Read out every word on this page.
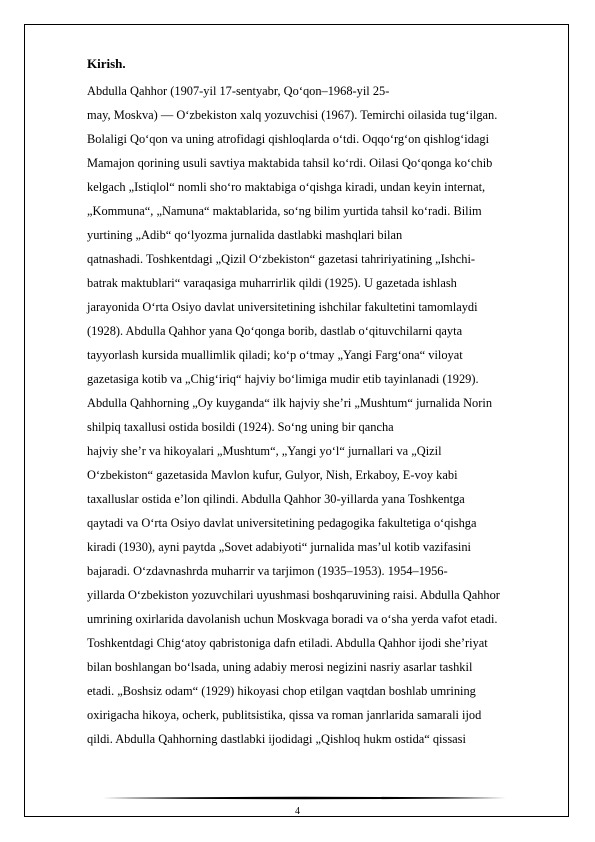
Kirish.
Abdulla Qahhor (1907-yil 17-sentyabr, Qo‘qon–1968-yil 25-
may, Moskva) — O‘zbekiston xalq yozuvchisi (1967). Temirchi oilasida tug‘ilgan.
Bolaligi Qo‘qon va uning atrofidagi qishloqlarda o‘tdi. Oqqo‘rg‘on qishlog‘idagi
Mamajon qorining usuli savtiya maktabida tahsil ko‘rdi. Oilasi Qo‘qonga ko‘chib
kelgach „Istiqlol“ nomli sho‘ro maktabiga o‘qishga kiradi, undan keyin internat,
„Kommuna“, „Namuna“ maktablarida, so‘ng bilim yurtida tahsil ko‘radi. Bilim
yurtining „Adib“ qo‘lyozma jurnalida dastlabki mashqlari bilan
qatnashadi. Toshkentdagi „Qizil O‘zbekiston“ gazetasi tahririyatining „Ishchi-
batrak maktublari“ varaqasiga muharrirlik qildi (1925). U gazetada ishlash
jarayonida O‘rta Osiyo davlat universitetining ishchilar fakultetini tamomlaydi
(1928). Abdulla Qahhor yana Qo‘qonga borib, dastlab o‘qituvchilarni qayta
tayyorlash kursida muallimlik qiladi; ko‘p o‘tmay „Yangi Farg‘ona“ viloyat
gazetasiga kotib va „Chig‘iriq“ hajviy bo‘limiga mudir etib tayinlanadi (1929).
Abdulla Qahhorning „Oy kuyganda“ ilk hajviy she’ri „Mushtum“ jurnalida Norin
shilpiq taxallusi ostida bosildi (1924). So‘ng uning bir qancha
hajviy she’r va hikoyalari „Mushtum“, „Yangi yo‘l“ jurnallari va „Qizil
O‘zbekiston“ gazetasida Mavlon kufur, Gulyor, Nish, Erkaboy, E-voy kabi
taxalluslar ostida e’lon qilindi. Abdulla Qahhor 30-yillarda yana Toshkentga
qaytadi va O‘rta Osiyo davlat universitetining pedagogika fakultetiga o‘qishga
kiradi (1930), ayni paytda „Sovet adabiyoti“ jurnalida mas’ul kotib vazifasini
bajaradi. O‘zdavnashrda muharrir va tarjimon (1935–1953). 1954–1956-
yillarda O‘zbekiston yozuvchilari uyushmasi boshqaruvining raisi. Abdulla Qahhor
umrining oxirlarida davolanish uchun Moskvaga boradi va o‘sha yerda vafot etadi.
Toshkentdagi Chig‘atoy qabristoniga dafn etiladi. Abdulla Qahhor ijodi she’riyat
bilan boshlangan bo‘lsada, uning adabiy merosi negizini nasriy asarlar tashkil
etadi. „Boshsiz odam“ (1929) hikoyasi chop etilgan vaqtdan boshlab umrining
oxirigacha hikoya, ocherk, publitsistika, qissa va roman janrlarida samarali ijod
qildi. Abdulla Qahhorning dastlabki ijodidagi „Qishloq hukm ostida“ qissasi
4
